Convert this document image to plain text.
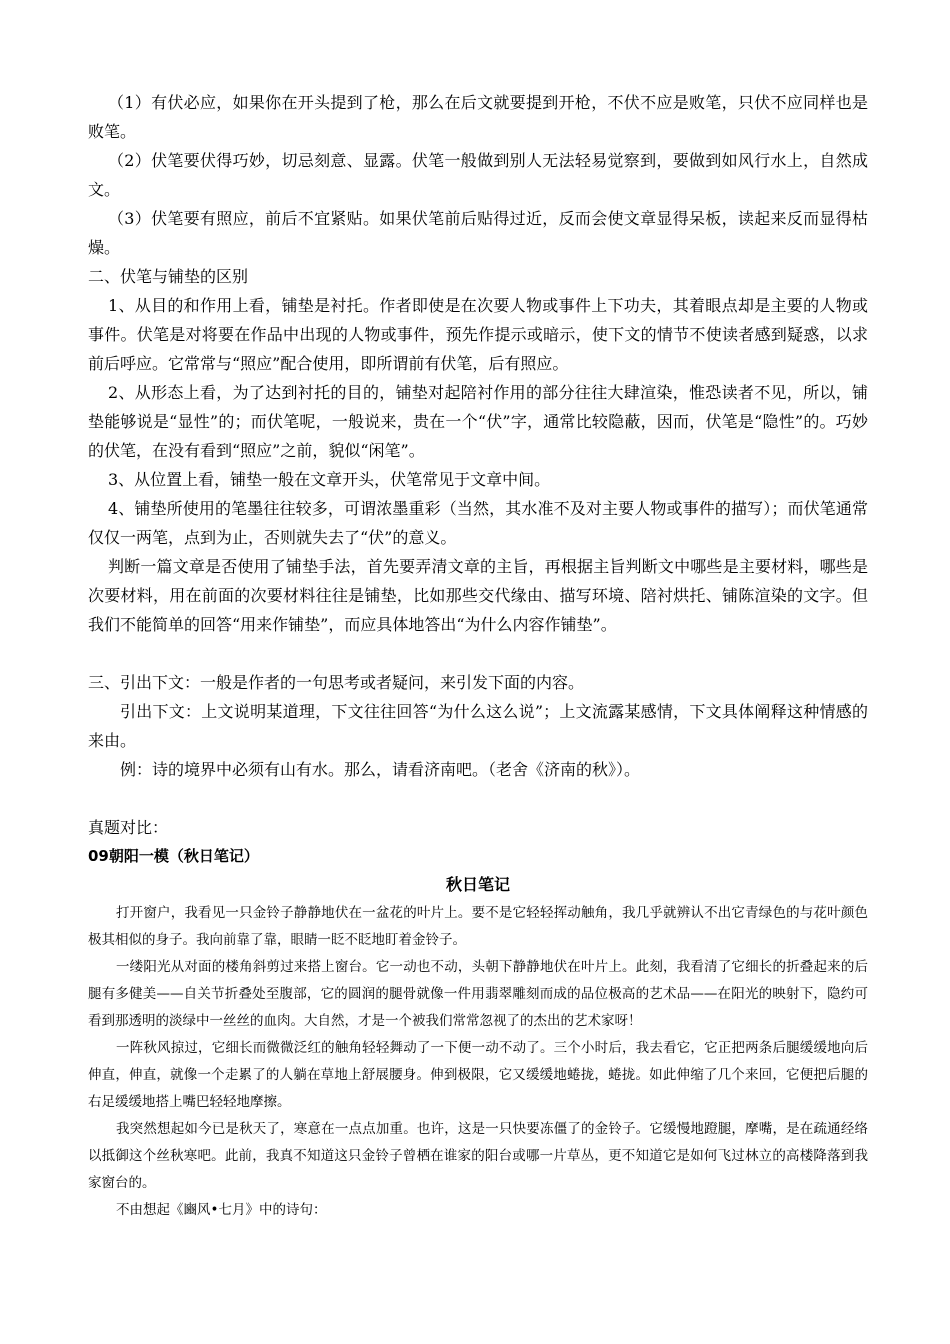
（1）有伏必应，如果你在开头提到了枪，那么在后文就要提到开枪，不伏不应是败笔，只伏不应同样也是败笔。

（2）伏笔要伏得巧妙，切忌刻意、显露。伏笔一般做到别人无法轻易觉察到，要做到如风行水上，自然成文。

（3）伏笔要有照应，前后不宜紧贴。如果伏笔前后贴得过近，反而会使文章显得呆板，读起来反而显得枯燥。

二、伏笔与铺垫的区别

1、从目的和作用上看，铺垫是衬托。作者即使是在次要人物或事件上下功夫，其着眼点却是主要的人物或事件。伏笔是对将要在作品中出现的人物或事件，预先作提示或暗示，使下文的情节不使读者感到疑惑，以求前后呼应。它常常与“照应”配合使用，即所谓前有伏笔，后有照应。

2、从形态上看，为了达到衬托的目的，铺垫对起陪衬作用的部分往往大肆渲染，惟恐读者不见，所以，铺垫能够说是“显性”的；而伏笔呢，一般说来，贵在一个“伏”字，通常比较隐蔽，因而，伏笔是“隐性”的。巧妙的伏笔，在没有看到“照应”之前，貌似“闲笔”。

3、从位置上看，铺垫一般在文章开头，伏笔常见于文章中间。

4、铺垫所使用的笔墨往往较多，可谓浓墨重彩（当然，其水准不及对主要人物或事件的描写）；而伏笔通常仅仅一两笔，点到为止，否则就失去了“伏”的意义。

判断一篇文章是否使用了铺垫手法，首先要弄清文章的主旨，再根据主旨判断文中哪些是主要材料，哪些是次要材料，用在前面的次要材料往往是铺垫，比如那些交代缘由、描写环境、陪衬烘托、铺陈渲染的文字。但我们不能简单的回答“用来作铺垫”，而应具体地答出“为什么内容作铺垫”。

三、引出下文：一般是作者的一句思考或者疑问，来引发下面的内容。

引出下文：上文说明某道理，下文往往回答“为什么这么说”；上文流露某感情，下文具体阐释这种情感的来由。

例：诗的境界中必须有山有水。那么，请看济南吧。（老舍《济南的秋》）。

真题对比：

09朝阳一模（秋日笔记）

秋日笔记

打开窗户，我看见一只金铃子静静地伏在一盆花的叶片上。要不是它轻轻挥动触角，我几乎就辨认不出它青绿色的与花叶颜色极其相似的身子。我向前靠了靠，眼睛一眨不眨地盯着金铃子。

一缕阳光从对面的楼角斜剪过来搭上窗台。它一动也不动，头朝下静静地伏在叶片上。此刻，我看清了它细长的折叠起来的后腿有多健美——自关节折叠处至腹部，它的圆润的腿骨就像一件用翡翠雕刻而成的品位极高的艺术品——在阳光的映射下，隐约可看到那透明的淡绿中一丝丝的血肉。大自然，才是一个被我们常常忽视了的杰出的艺术家呀！

一阵秋风掠过，它细长而微微泛红的触角轻轻舞动了一下便一动不动了。三个小时后，我去看它，它正把两条后腿缓缓地向后伸直，伸直，就像一个走累了的人躺在草地上舒展腰身。伸到极限，它又缓缓地蜷拢，蜷拢。如此伸缩了几个来回，它便把后腿的右足缓缓地搭上嘴巴轻轻地摩擦。

我突然想起如今已是秋天了，寒意在一点点加重。也许，这是一只快要冻僵了的金铃子。它缓慢地蹬腿，摩嘴，是在疏通经络以抵御这个丝秋寒吧。此前，我真不知道这只金铃子曾栖在谁家的阳台或哪一片草丛，更不知道它是如何飞过林立的高楼降落到我家窗台的。

不由想起《豳风•七月》中的诗句：
